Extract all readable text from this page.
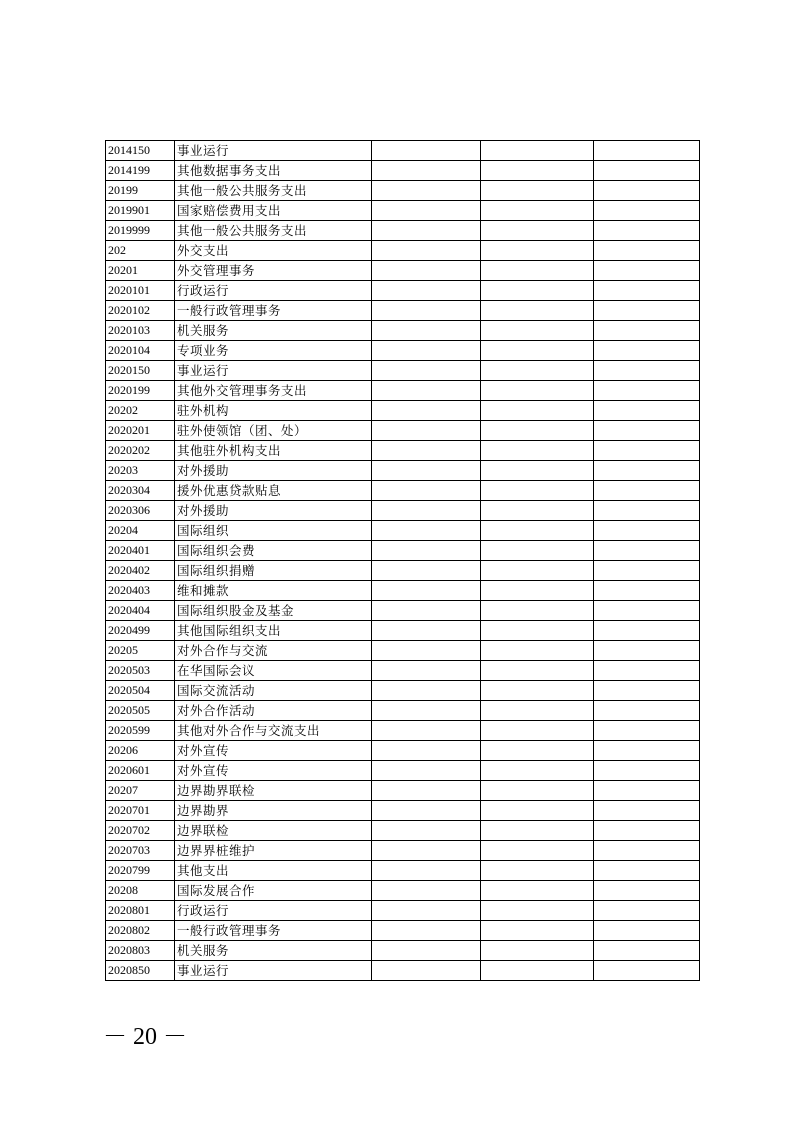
2014150	事业运行			
2014199	其他数据事务支出			
20199	其他一般公共服务支出			
2019901	国家赔偿费用支出			
2019999	其他一般公共服务支出			
202	外交支出			
20201	外交管理事务			
2020101	行政运行			
2020102	一般行政管理事务			
2020103	机关服务			
2020104	专项业务			
2020150	事业运行			
2020199	其他外交管理事务支出			
20202	驻外机构			
2020201	驻外使领馆（团、处）			
2020202	其他驻外机构支出			
20203	对外援助			
2020304	援外优惠贷款贴息			
2020306	对外援助			
20204	国际组织			
2020401	国际组织会费			
2020402	国际组织捐赠			
2020403	维和摊款			
2020404	国际组织股金及基金			
2020499	其他国际组织支出			
20205	对外合作与交流			
2020503	在华国际会议			
2020504	国际交流活动			
2020505	对外合作活动			
2020599	其他对外合作与交流支出			
20206	对外宣传			
2020601	对外宣传			
20207	边界勘界联检			
2020701	边界勘界			
2020702	边界联检			
2020703	边界界桩维护			
2020799	其他支出			
20208	国际发展合作			
2020801	行政运行			
2020802	一般行政管理事务			
2020803	机关服务			
2020850	事业运行			
－ 20 －
